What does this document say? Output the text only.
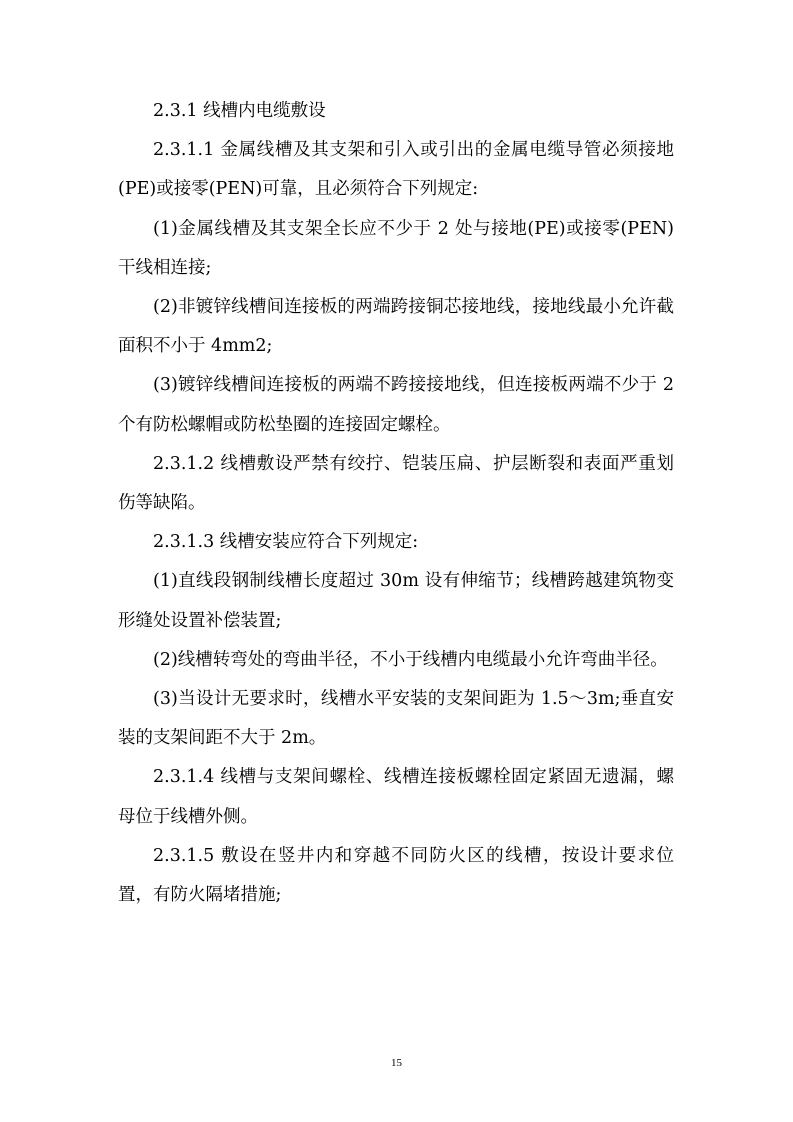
2.3.1 线槽内电缆敷设

2.3.1.1 金属线槽及其支架和引入或引出的金属电缆导管必须接地(PE)或接零(PEN)可靠，且必须符合下列规定:

(1)金属线槽及其支架全长应不少于 2 处与接地(PE)或接零(PEN)干线相连接;

(2)非镀锌线槽间连接板的两端跨接铜芯接地线，接地线最小允许截面积不小于 4mm2;

(3)镀锌线槽间连接板的两端不跨接接地线，但连接板两端不少于 2 个有防松螺帽或防松垫圈的连接固定螺栓。

2.3.1.2 线槽敷设严禁有绞拧、铠装压扁、护层断裂和表面严重划伤等缺陷。

2.3.1.3 线槽安装应符合下列规定:

(1)直线段钢制线槽长度超过 30m 设有伸缩节；线槽跨越建筑物变形缝处设置补偿装置;

(2)线槽转弯处的弯曲半径，不小于线槽内电缆最小允许弯曲半径。

(3)当设计无要求时，线槽水平安装的支架间距为 1.5～3m;垂直安装的支架间距不大于 2m。

2.3.1.4 线槽与支架间螺栓、线槽连接板螺栓固定紧固无遗漏，螺母位于线槽外侧。

2.3.1.5 敷设在竖井内和穿越不同防火区的线槽，按设计要求位置，有防火隔堵措施;

15
